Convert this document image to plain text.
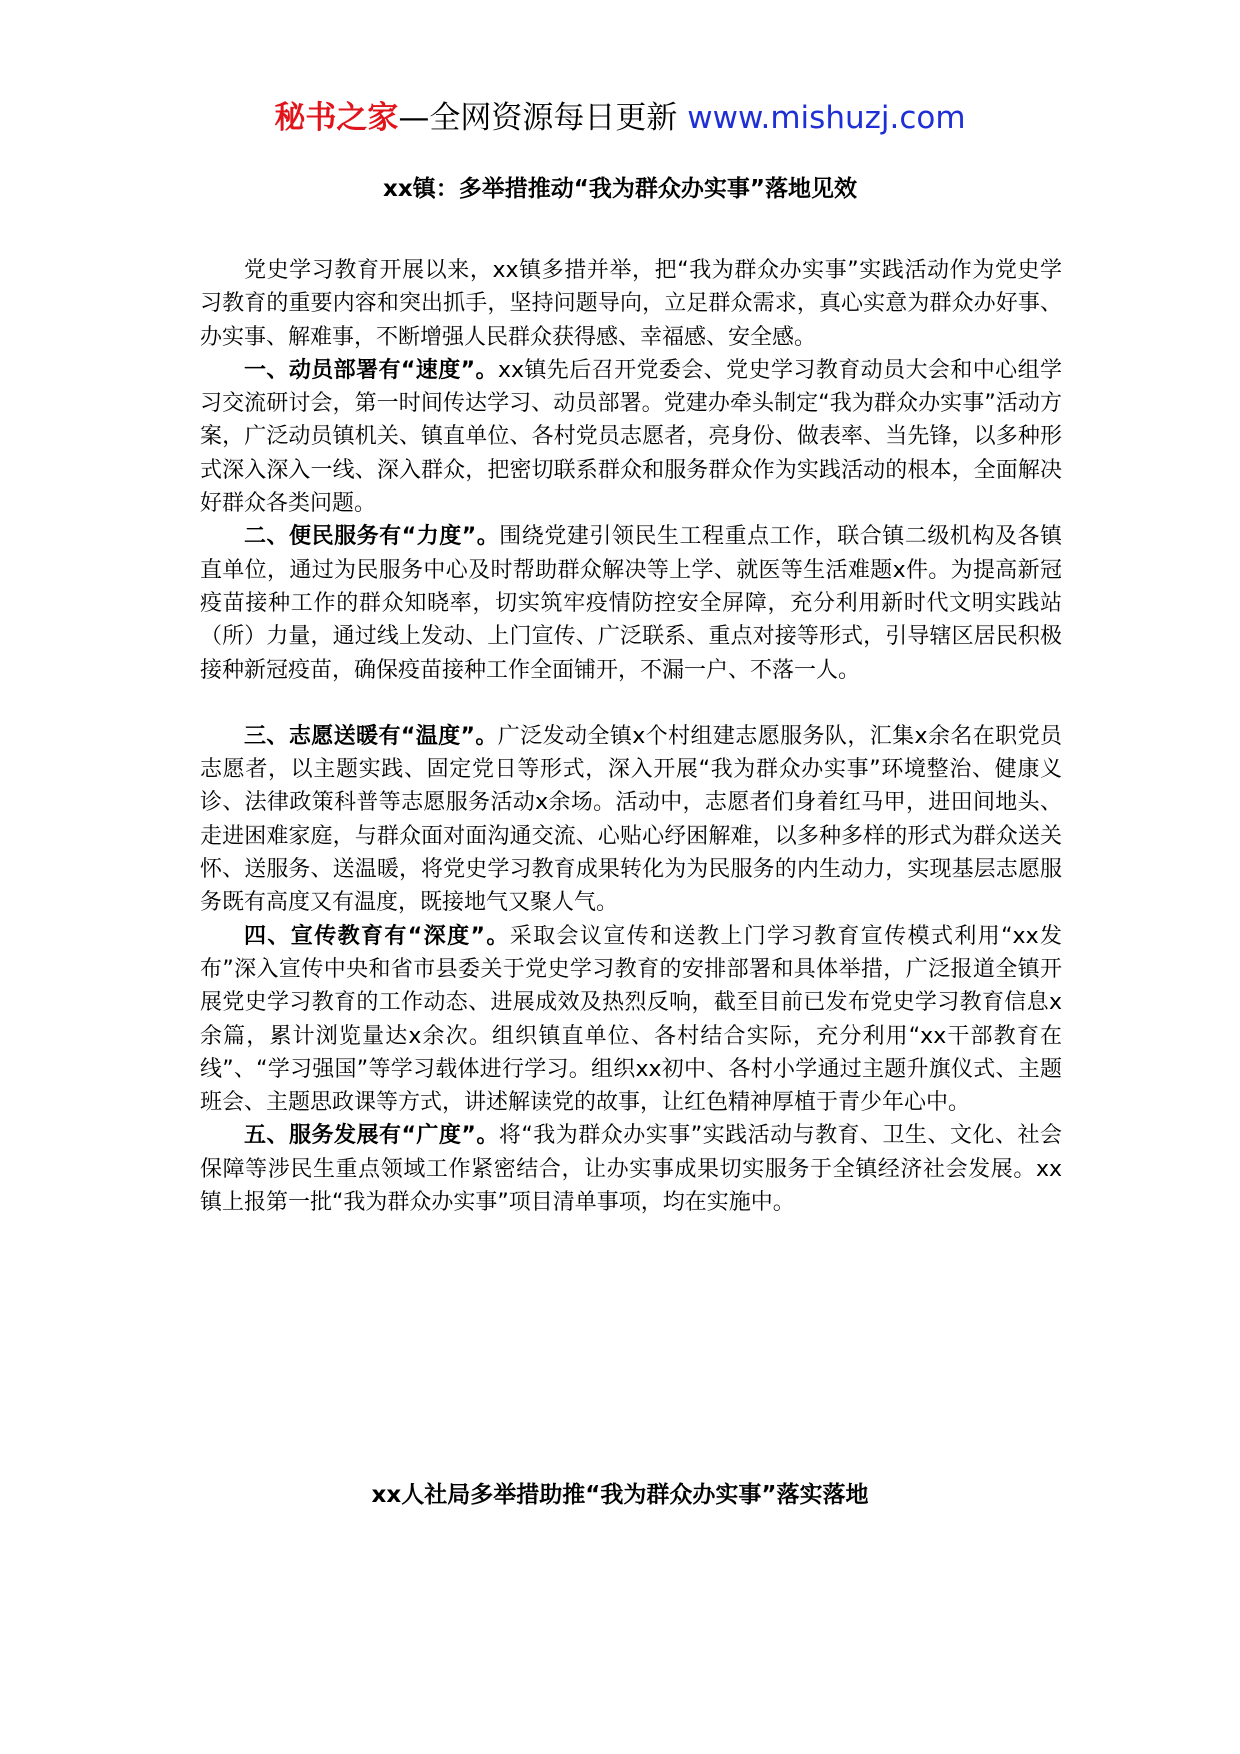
秘书之家—全网资源每日更新 www.mishuzj.com
xx镇：多举措推动“我为群众办实事”落地见效

党史学习教育开展以来，xx镇多措并举，把“我为群众办实事”实践活动作为党史学习教育的重要内容和突出抓手，坚持问题导向，立足群众需求，真心实意为群众办好事、办实事、解难事，不断增强人民群众获得感、幸福感、安全感。

一、动员部署有“速度”。xx镇先后召开党委会、党史学习教育动员大会和中心组学习交流研讨会，第一时间传达学习、动员部署。党建办牵头制定“我为群众办实事”活动方案，广泛动员镇机关、镇直单位、各村党员志愿者，亮身份、做表率、当先锋，以多种形式深入深入一线、深入群众，把密切联系群众和服务群众作为实践活动的根本，全面解决好群众各类问题。

二、便民服务有“力度”。围绕党建引领民生工程重点工作，联合镇二级机构及各镇直单位，通过为民服务中心及时帮助群众解决等上学、就医等生活难题x件。为提高新冠疫苗接种工作的群众知晓率，切实筑牢疫情防控安全屏障，充分利用新时代文明实践站（所）力量，通过线上发动、上门宣传、广泛联系、重点对接等形式，引导辖区居民积极接种新冠疫苗，确保疫苗接种工作全面铺开，不漏一户、不落一人。

三、志愿送暖有“温度”。广泛发动全镇x个村组建志愿服务队，汇集x余名在职党员志愿者，以主题实践、固定党日等形式，深入开展“我为群众办实事”环境整治、健康义诊、法律政策科普等志愿服务活动x余场。活动中，志愿者们身着红马甲，进田间地头、走进困难家庭，与群众面对面沟通交流、心贴心纾困解难，以多种多样的形式为群众送关怀、送服务、送温暖，将党史学习教育成果转化为为民服务的内生动力，实现基层志愿服务既有高度又有温度，既接地气又聚人气。

四、宣传教育有“深度”。采取会议宣传和送教上门学习教育宣传模式利用“xx发布”深入宣传中央和省市县委关于党史学习教育的安排部署和具体举措，广泛报道全镇开展党史学习教育的工作动态、进展成效及热烈反响，截至目前已发布党史学习教育信息x余篇，累计浏览量达x余次。组织镇直单位、各村结合实际，充分利用“xx干部教育在线”、“学习强国”等学习载体进行学习。组织xx初中、各村小学通过主题升旗仪式、主题班会、主题思政课等方式，讲述解读党的故事，让红色精神厚植于青少年心中。

五、服务发展有“广度”。将“我为群众办实事”实践活动与教育、卫生、文化、社会保障等涉民生重点领域工作紧密结合，让办实事成果切实服务于全镇经济社会发展。xx镇上报第一批“我为群众办实事”项目清单事项，均在实施中。

xx人社局多举措助推“我为群众办实事”落实落地
